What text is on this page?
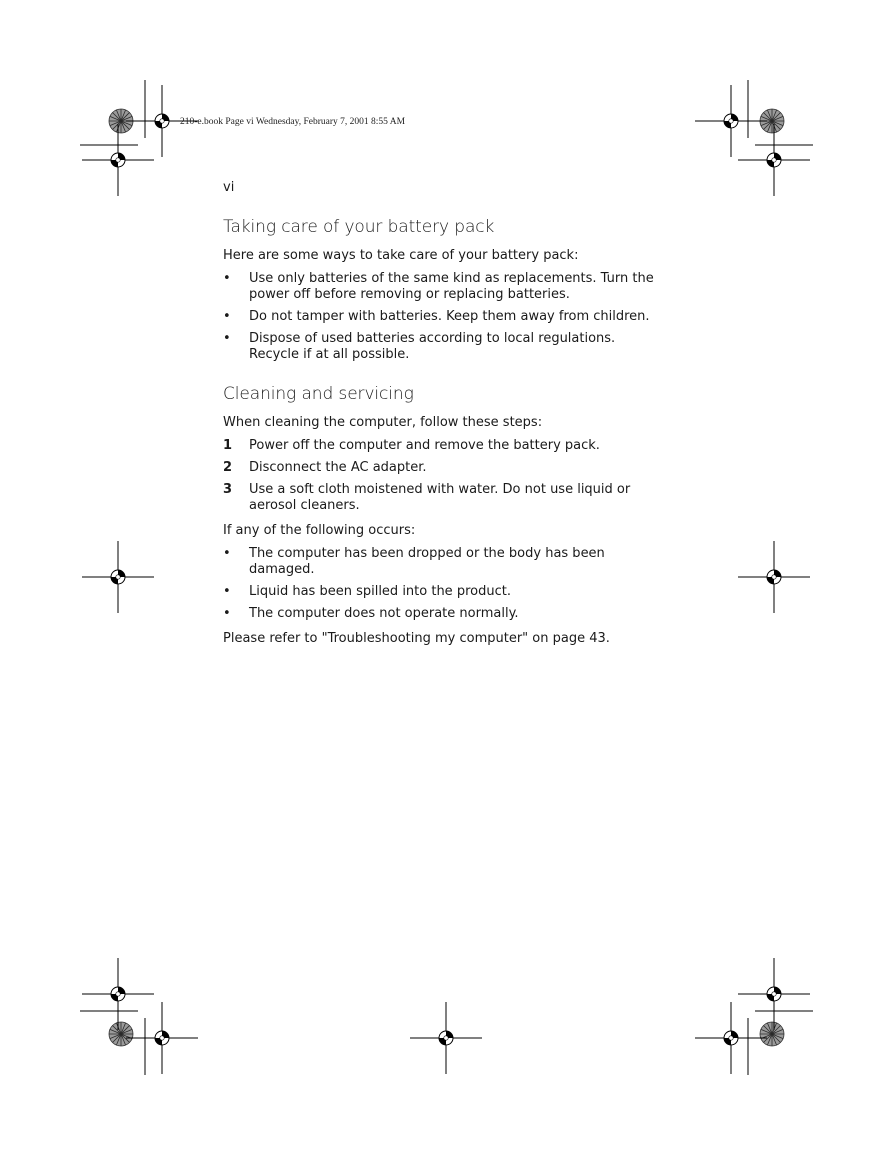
210-e.book Page vi Wednesday, February 7, 2001 8:55 AM
vi
Taking care of your battery pack

Here are some ways to take care of your battery pack:

• Use only batteries of the same kind as replacements. Turn the power off before removing or replacing batteries.
• Do not tamper with batteries. Keep them away from children.
• Dispose of used batteries according to local regulations. Recycle if at all possible.
Cleaning and servicing

When cleaning the computer, follow these steps:

1 Power off the computer and remove the battery pack.
2 Disconnect the AC adapter.
3 Use a soft cloth moistened with water. Do not use liquid or aerosol cleaners.

If any of the following occurs:

• The computer has been dropped or the body has been damaged.
• Liquid has been spilled into the product.
• The computer does not operate normally.

Please refer to "Troubleshooting my computer" on page 43.
